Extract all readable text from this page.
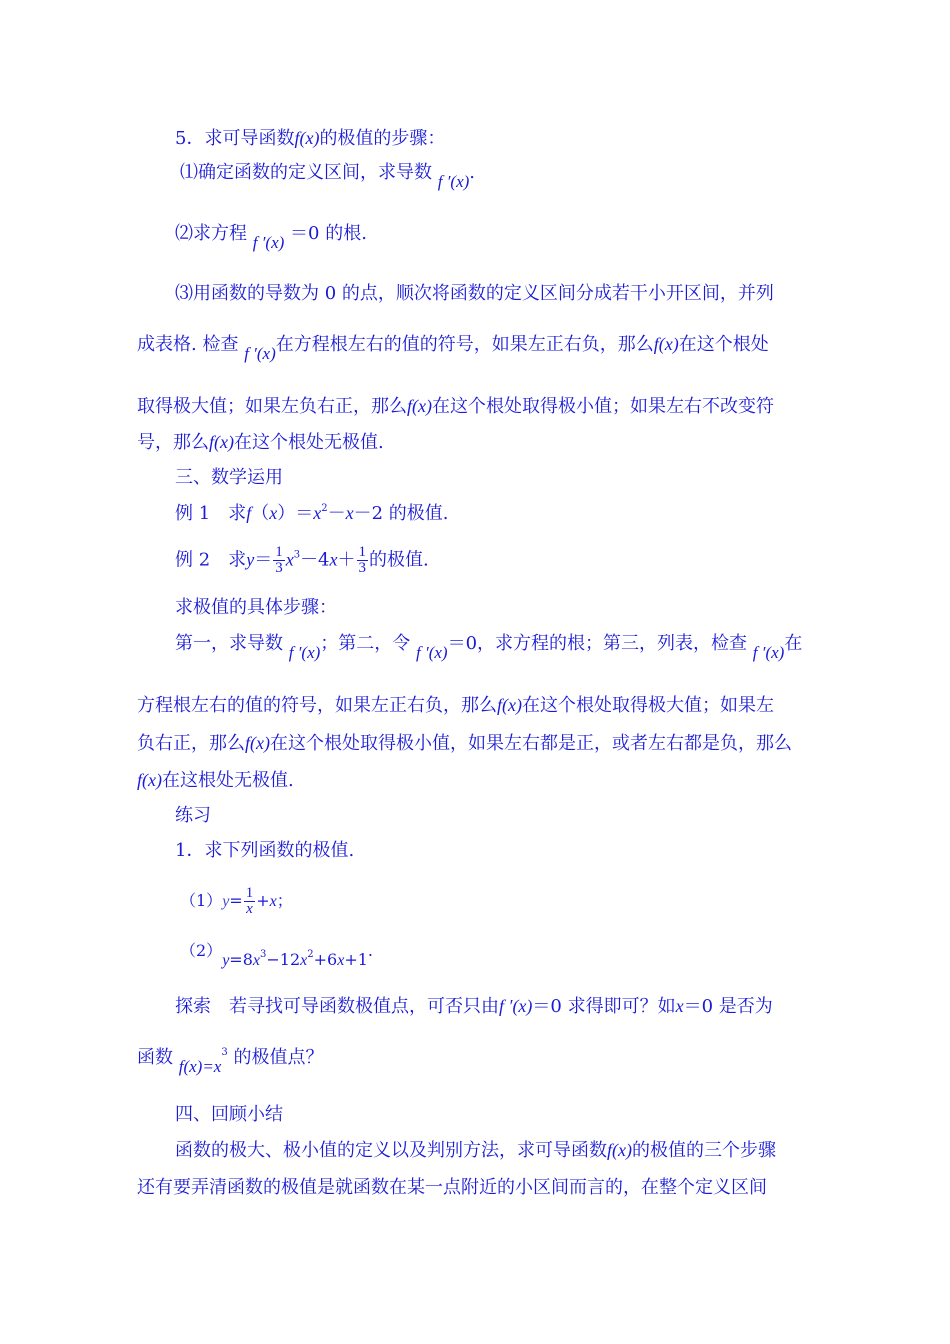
5．求可导函数f(x)的极值的步骤：
⑴确定函数的定义区间，求导数 f ′(x).
⑵求方程 f ′(x) ＝0 的根.
⑶用函数的导数为 0 的点，顺次将函数的定义区间分成若干小开区间，并列
成表格. 检查 f ′(x)在方程根左右的值的符号，如果左正右负，那么f(x)在这个根处
取得极大值；如果左负右正，那么f(x)在这个根处取得极小值；如果左右不改变符
号，那么f(x)在这个根处无极值.
三、数学运用
例 1　求$f(x)=x^2-x-2$ 的极值.
例 2　求$y= \frac{1}{3} x^3-4x+ \frac{1}{3}$ 的极值.
求极值的具体步骤：
第一，求导数 f ′(x)；第二，令 f ′(x)＝0，求方程的根；第三，列表，检查 f ′(x)在
方程根左右的值的符号，如果左正右负，那么f(x)在这个根处取得极大值；如果左
负右正，那么f(x)在这个根处取得极小值，如果左右都是正，或者左右都是负，那么
f(x)在这根处无极值.
练习
1．求下列函数的极值.
$(1)y= \frac{1}{x} +x$；
$(2)y=8x^3-12x^2+6x+1$.
探索　若寻找可导函数极值点，可否只由f ′(x)＝0 求得即可？如x＝0 是否为
函数 $f(x)=x^3$ 的极值点？
四、回顾小结
函数的极大、极小值的定义以及判别方法，求可导函数f(x)的极值的三个步骤
还有要弄清函数的极值是就函数在某一点附近的小区间而言的，在整个定义区间
